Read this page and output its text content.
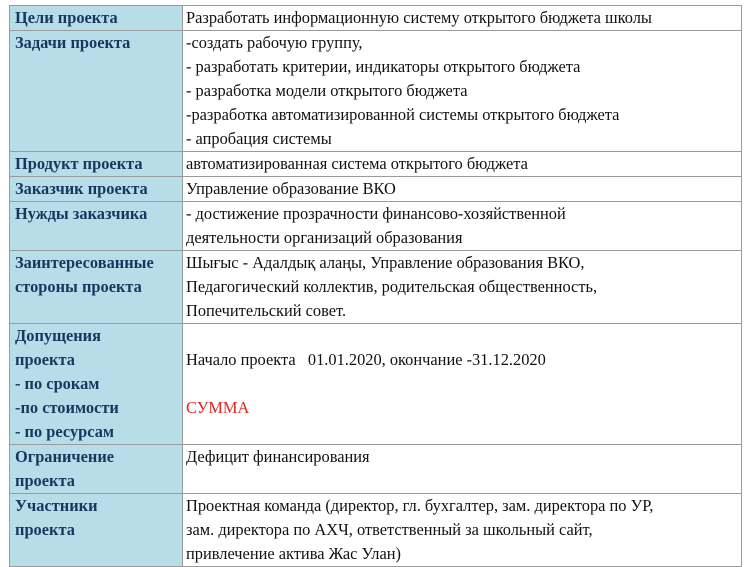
Цели проекта	Разработать информационную систему открытого бюджета школы

Задачи проекта	-создать рабочую группу,
- разработать критерии, индикаторы открытого бюджета
- разработка модели открытого бюджета
-разработка автоматизированной системы открытого бюджета
- апробация системы

Продукт проекта	автоматизированная система открытого бюджета

Заказчик проекта	Управление образование ВКО

Нужды заказчика	- достижение прозрачности финансово-хозяйственной
деятельности организаций образования

Заинтересованные
стороны проекта	Шығыс - Адалдық алаңы, Управление образования ВКО,
Педагогический коллектив, родительская общественность,
Попечительский совет.

Допущения
проекта
- по срокам
-по стоимости
- по ресурсам	Начало проекта   01.01.2020, окончание -31.12.2020
СУММА

Ограничение
проекта	Дефицит финансирования

Участники
проекта	Проектная команда (директор, гл. бухгалтер, зам. директора по УР,
зам. директора по АХЧ, ответственный за школьный сайт,
привлечение актива Жас Улан)
